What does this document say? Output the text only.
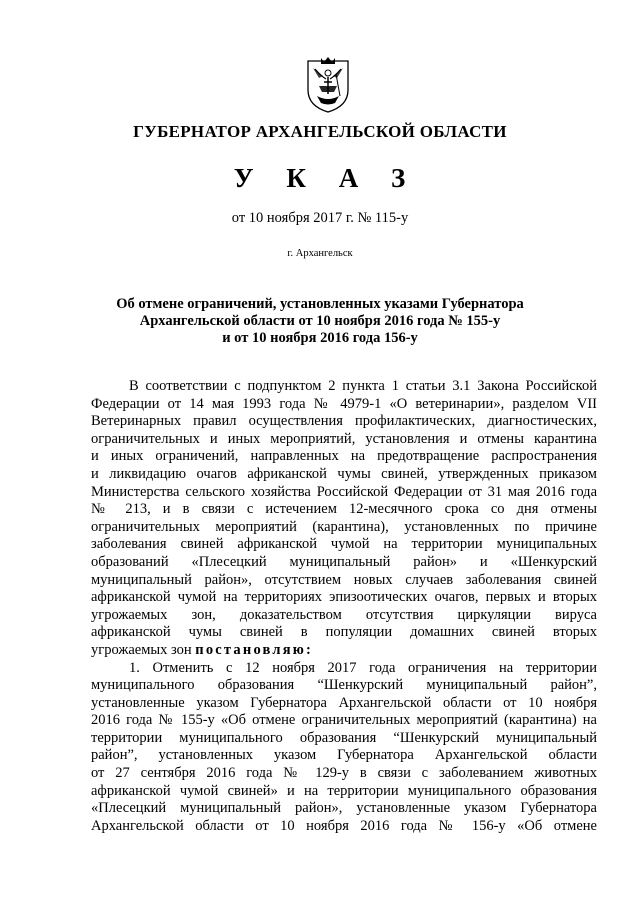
ГУБЕРНАТОР АРХАНГЕЛЬСКОЙ ОБЛАСТИ
У К А З
от 10 ноября 2017 г. № 115-у
г. Архангельск
Об отмене ограничений, установленных указами Губернатора
Архангельской области от 10 ноября 2016 года № 155-у
и от 10 ноября 2016 года 156-у
В соответствии с подпунктом 2 пункта 1 статьи 3.1 Закона Российской
Федерации от 14 мая 1993 года № 4979-1 «О ветеринарии», разделом VII
Ветеринарных правил осуществления профилактических, диагностических,
ограничительных и иных мероприятий, установления и отмены карантина
и иных ограничений, направленных на предотвращение распространения
и ликвидацию очагов африканской чумы свиней, утвержденных приказом
Министерства сельского хозяйства Российской Федерации от 31 мая 2016 года
№ 213, и в связи с истечением 12-месячного срока со дня отмены
ограничительных мероприятий (карантина), установленных по причине
заболевания свиней африканской чумой на территории муниципальных
образований «Плесецкий муниципальный район» и «Шенкурский
муниципальный район», отсутствием новых случаев заболевания свиней
африканской чумой на территориях эпизоотических очагов, первых и вторых
угрожаемых зон, доказательством отсутствия циркуляции вируса
африканской чумы свиней в популяции домашних свиней вторых
угрожаемых зон постановляю:
1. Отменить с 12 ноября 2017 года ограничения на территории
муниципального образования “Шенкурский муниципальный район”,
установленные указом Губернатора Архангельской области от 10 ноября
2016 года № 155-у «Об отмене ограничительных мероприятий (карантина) на
территории муниципального образования “Шенкурский муниципальный
район”, установленных указом Губернатора Архангельской области
от 27 сентября 2016 года № 129-у в связи с заболеванием животных
африканской чумой свиней» и на территории муниципального образования
«Плесецкий муниципальный район», установленные указом Губернатора
Архангельской области от 10 ноября 2016 года № 156-у «Об отмене
